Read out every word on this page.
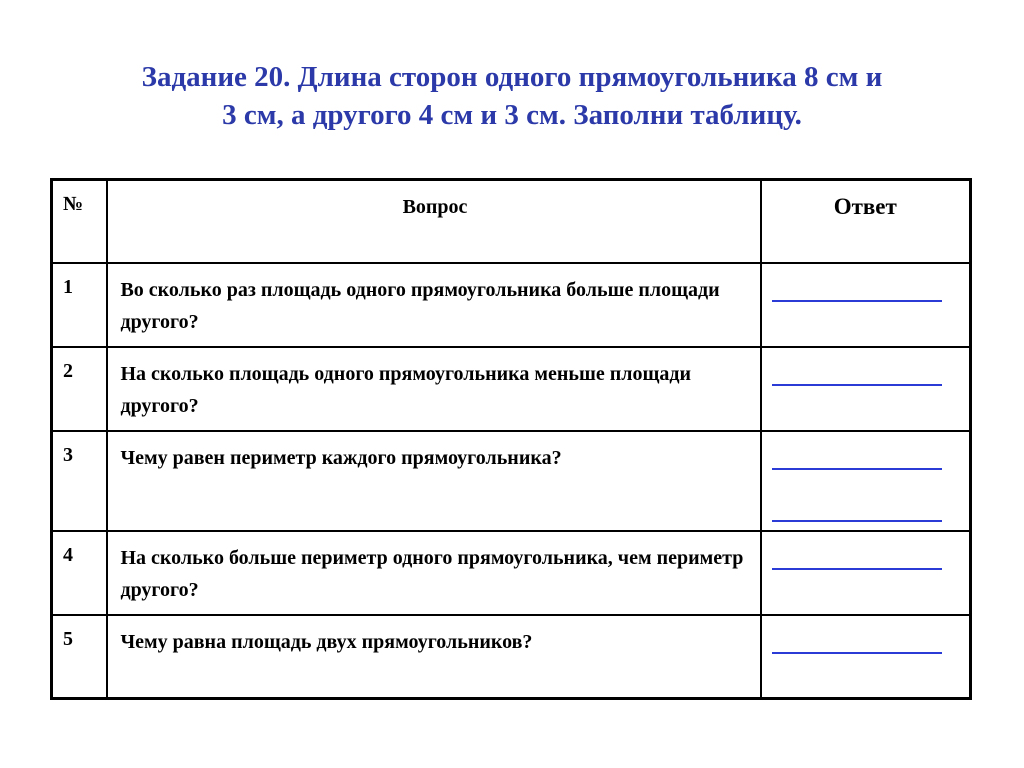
Задание 20. Длина сторон одного прямоугольника 8 см и
3 см, а другого 4 см и 3 см. Заполни таблицу.
№	Вопрос	Ответ
1	Во сколько раз площадь одного прямоугольника больше площади другого?	

2	На сколько площадь одного прямоугольника меньше площади другого?	

3	Чему равен периметр каждого прямоугольника?	

4	На сколько больше периметр одного прямоугольника, чем периметр другого?	

5	Чему равна площадь двух прямоугольников?	
